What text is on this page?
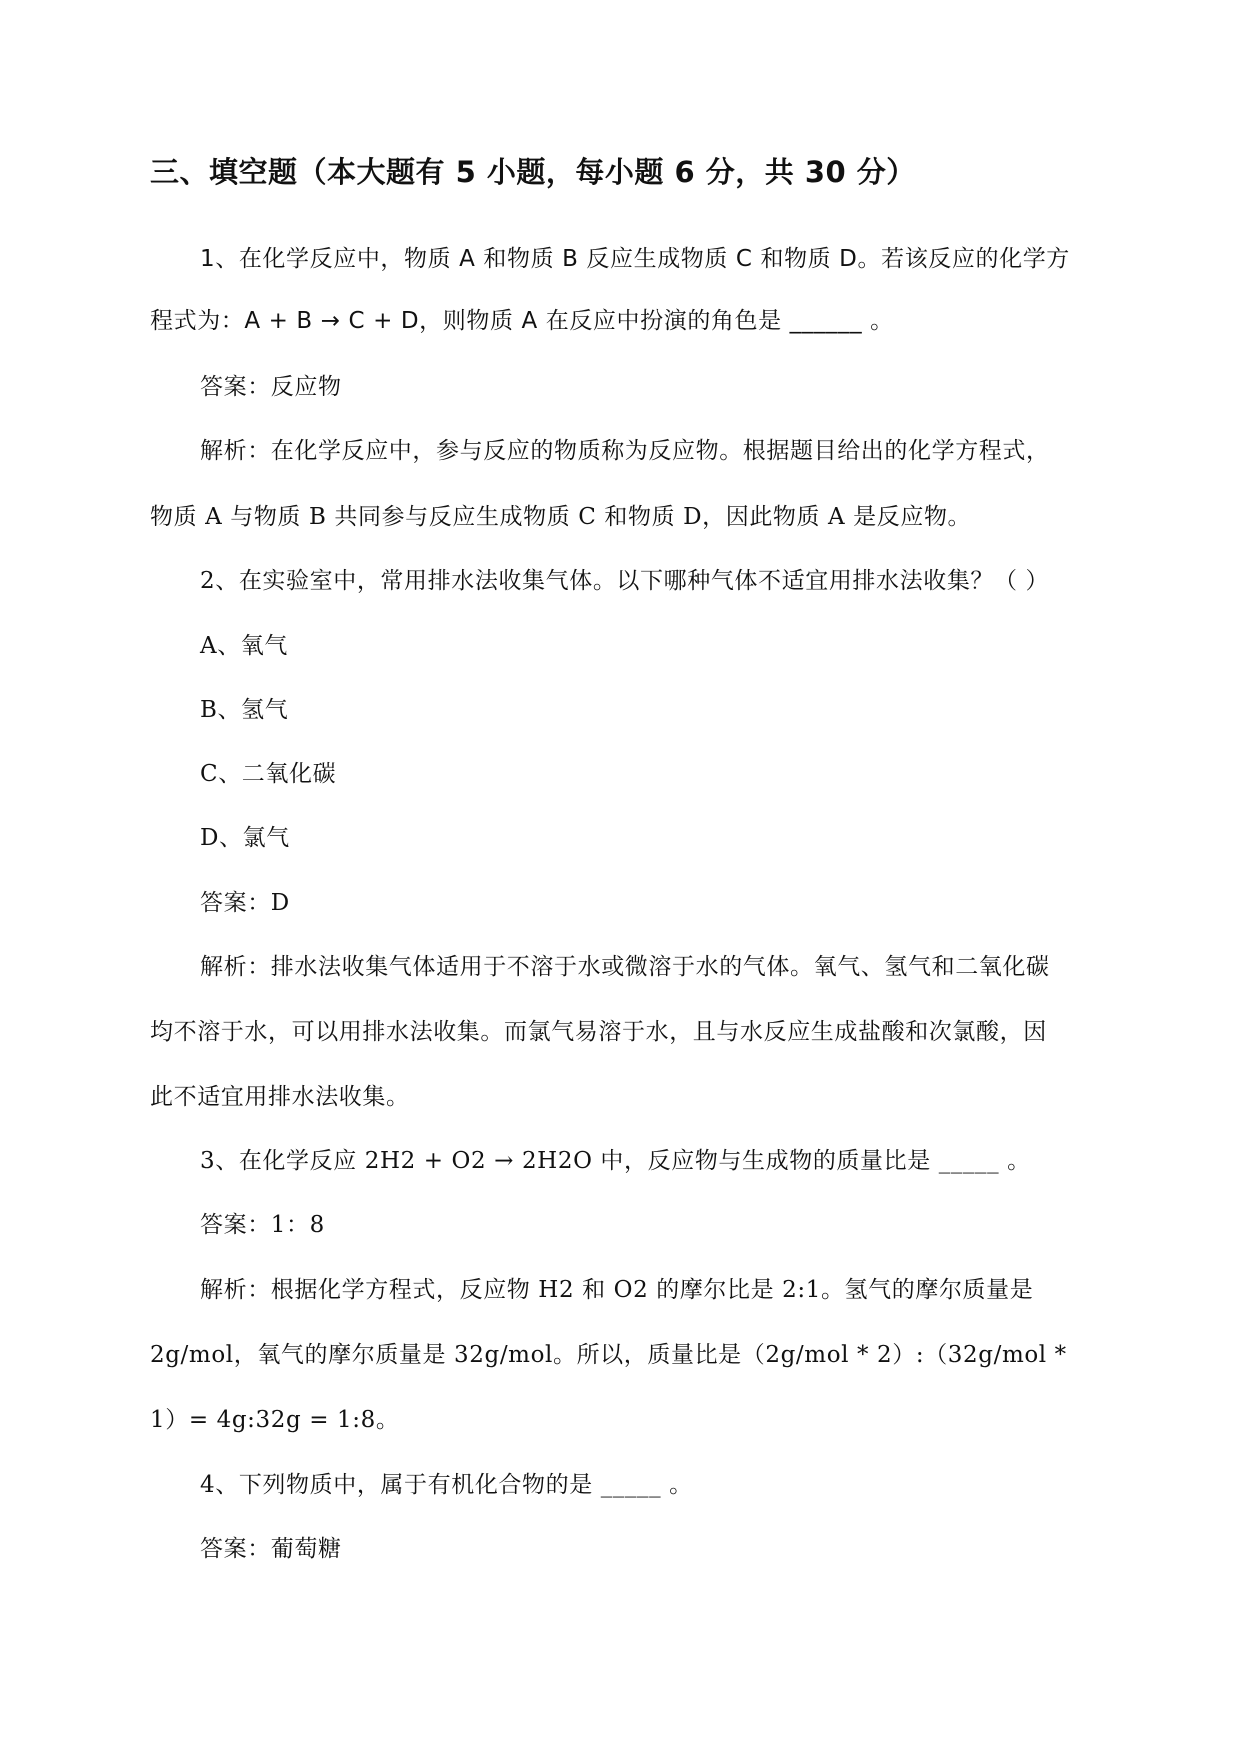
三、填空题（本大题有 5 小题，每小题 6 分，共 30 分）
1、在化学反应中，物质 A 和物质 B 反应生成物质 C 和物质 D。若该反应的化学方
程式为：A + B → C + D，则物质 A 在反应中扮演的角色是 ______ 。
答案：反应物
解析：在化学反应中，参与反应的物质称为反应物。根据题目给出的化学方程式，
物质 A 与物质 B 共同参与反应生成物质 C 和物质 D，因此物质 A 是反应物。
2、在实验室中，常用排水法收集气体。以下哪种气体不适宜用排水法收集？（ ）
A、氧气
B、氢气
C、二氧化碳
D、氯气
答案：D
解析：排水法收集气体适用于不溶于水或微溶于水的气体。氧气、氢气和二氧化碳
均不溶于水，可以用排水法收集。而氯气易溶于水，且与水反应生成盐酸和次氯酸，因
此不适宜用排水法收集。
3、在化学反应 2H2 + O2 → 2H2O 中，反应物与生成物的质量比是 _____ 。
答案：1：8
解析：根据化学方程式，反应物 H2 和 O2 的摩尔比是 2:1。氢气的摩尔质量是
2g/mol，氧气的摩尔质量是 32g/mol。所以，质量比是（2g/mol * 2）:（32g/mol *
1）= 4g:32g = 1:8。
4、下列物质中，属于有机化合物的是 _____ 。
答案：葡萄糖
